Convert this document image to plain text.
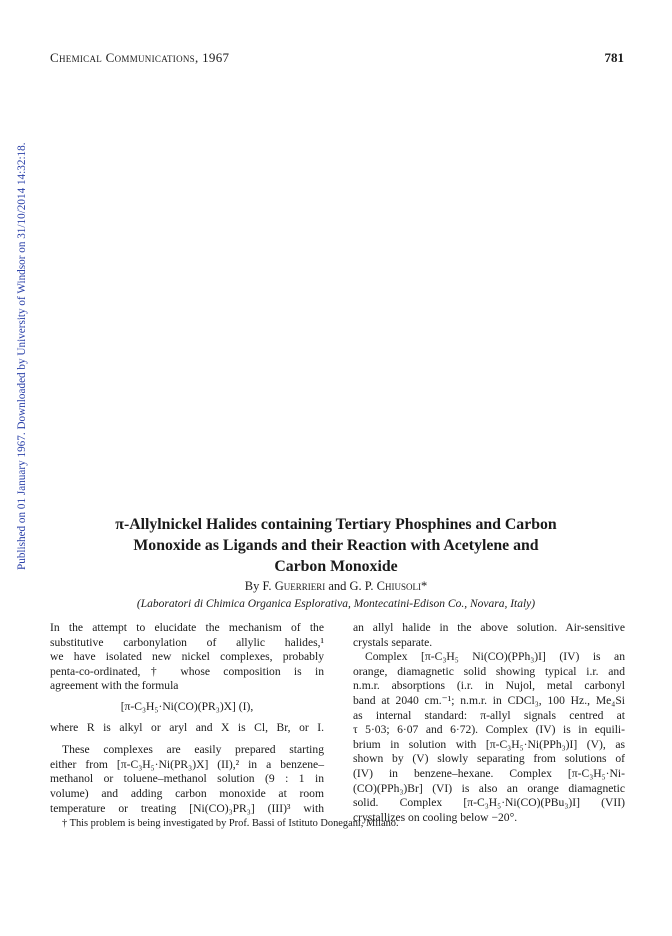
Chemical Communications, 1967	781
Published on 01 January 1967. Downloaded by University of Windsor on 31/10/2014 14:32:18.	π-Allylnickel Halides containing Tertiary Phosphines and Carbon
Monoxide as Ligands and their Reaction with Acetylene and
Carbon Monoxide
By F. Guerrieri and G. P. Chiusoli*
(Laboratori di Chimica Organica Esplorativa, Montecatini-Edison Co., Novara, Italy)
In the attempt to elucidate the mechanism of the
substitutive carbonylation of allylic halides,¹
we have isolated new nickel complexes, probably
penta-co-ordinated,† whose composition is in
agreement with the formula
[π-C₃H₅·Ni(CO)(PR₃)X] (I),
where R is alkyl or aryl and X is Cl, Br, or I.
These complexes are easily prepared starting
either from [π-C₃H₅·Ni(PR₃)X] (II),² in a benzene–
methanol or toluene–methanol solution (9 : 1 in
volume) and adding carbon monoxide at room
temperature or treating [Ni(CO)₃PR₃] (III)³ with
an allyl halide in the above solution. Air-sensitive
crystals separate.
Complex [π-C₃H₅ Ni(CO)(PPh₃)I] (IV) is an
orange, diamagnetic solid showing typical i.r. and
n.m.r. absorptions (i.r. in Nujol, metal carbonyl
band at 2040 cm.⁻¹; n.m.r. in CDCl₃, 100 Hz., Me₄Si
as internal standard: π-allyl signals centred at
τ 5·03; 6·07 and 6·72). Complex (IV) is in equili-
brium in solution with [π-C₃H₅·Ni(PPh₃)I] (V), as
shown by (V) slowly separating from solutions of
(IV) in benzene–hexane. Complex [π-C₃H₅·Ni-
(CO)(PPh₃)Br] (VI) is also an orange diamagnetic
solid. Complex [π-C₃H₅·Ni(CO)(PBu₃)I] (VII)
crystallizes on cooling below −20°.
† This problem is being investigated by Prof. Bassi of Istituto Donegani, Milano.
